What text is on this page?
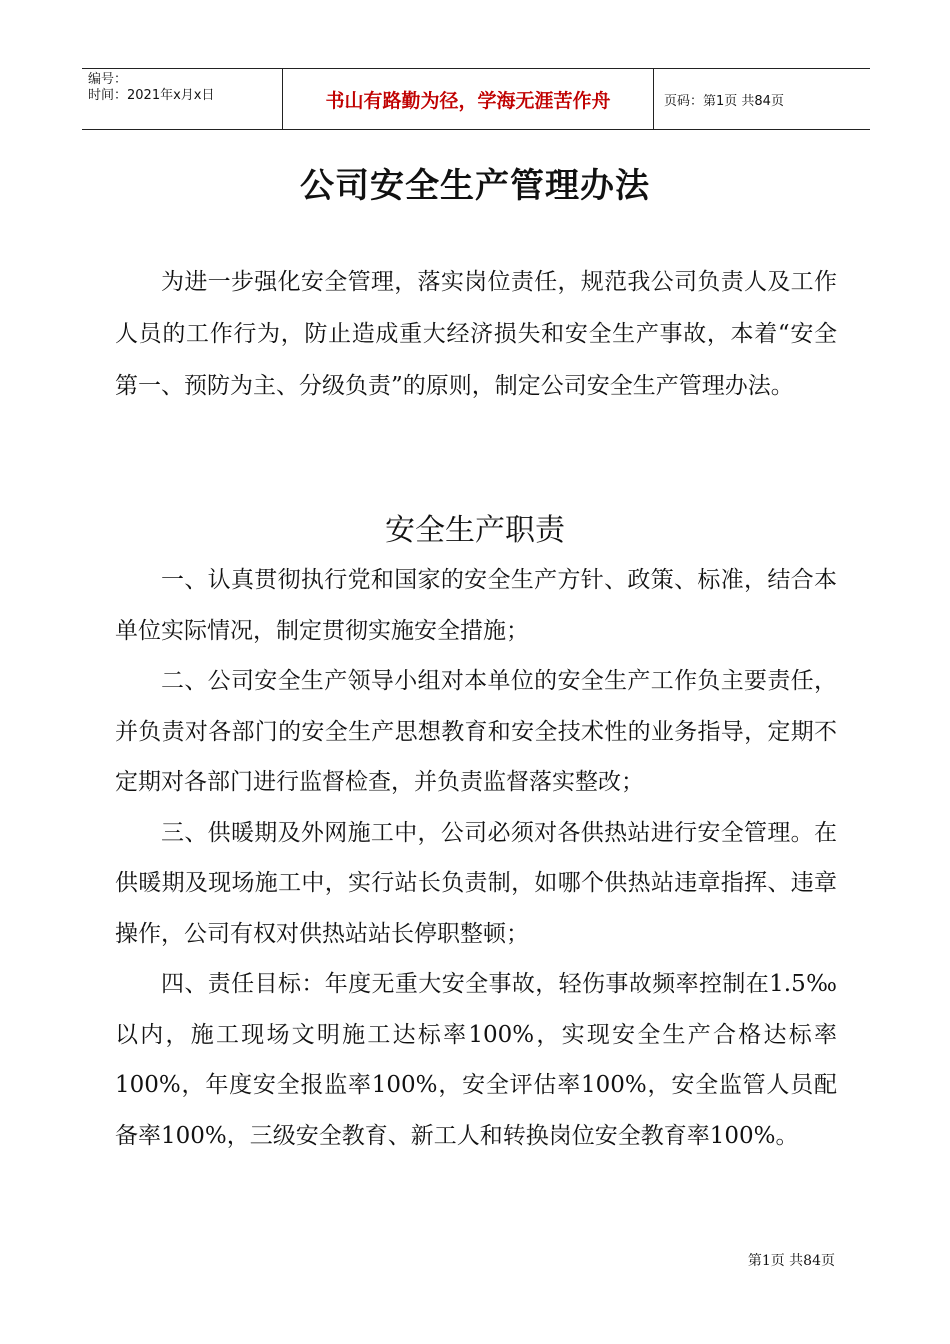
编号：
时间：2021年x月x日	书山有路勤为径，学海无涯苦作舟	页码：第1页 共84页
公司安全生产管理办法

为进一步强化安全管理，落实岗位责任，规范我公司负责人及工作人员的工作行为，防止造成重大经济损失和安全生产事故，本着“安全第一、预防为主、分级负责”的原则，制定公司安全生产管理办法。

安全生产职责

一、认真贯彻执行党和国家的安全生产方针、政策、标准，结合本单位实际情况，制定贯彻实施安全措施；

二、公司安全生产领导小组对本单位的安全生产工作负主要责任，并负责对各部门的安全生产思想教育和安全技术性的业务指导，定期不定期对各部门进行监督检查，并负责监督落实整改；

三、供暖期及外网施工中，公司必须对各供热站进行安全管理。在供暖期及现场施工中，实行站长负责制，如哪个供热站违章指挥、违章操作，公司有权对供热站站长停职整顿；

四、责任目标：年度无重大安全事故，轻伤事故频率控制在1.5‰以内，施工现场文明施工达标率100%，实现安全生产合格达标率100%，年度安全报监率100%，安全评估率100%，安全监管人员配备率100%，三级安全教育、新工人和转换岗位安全教育率100%。

第1页 共84页
